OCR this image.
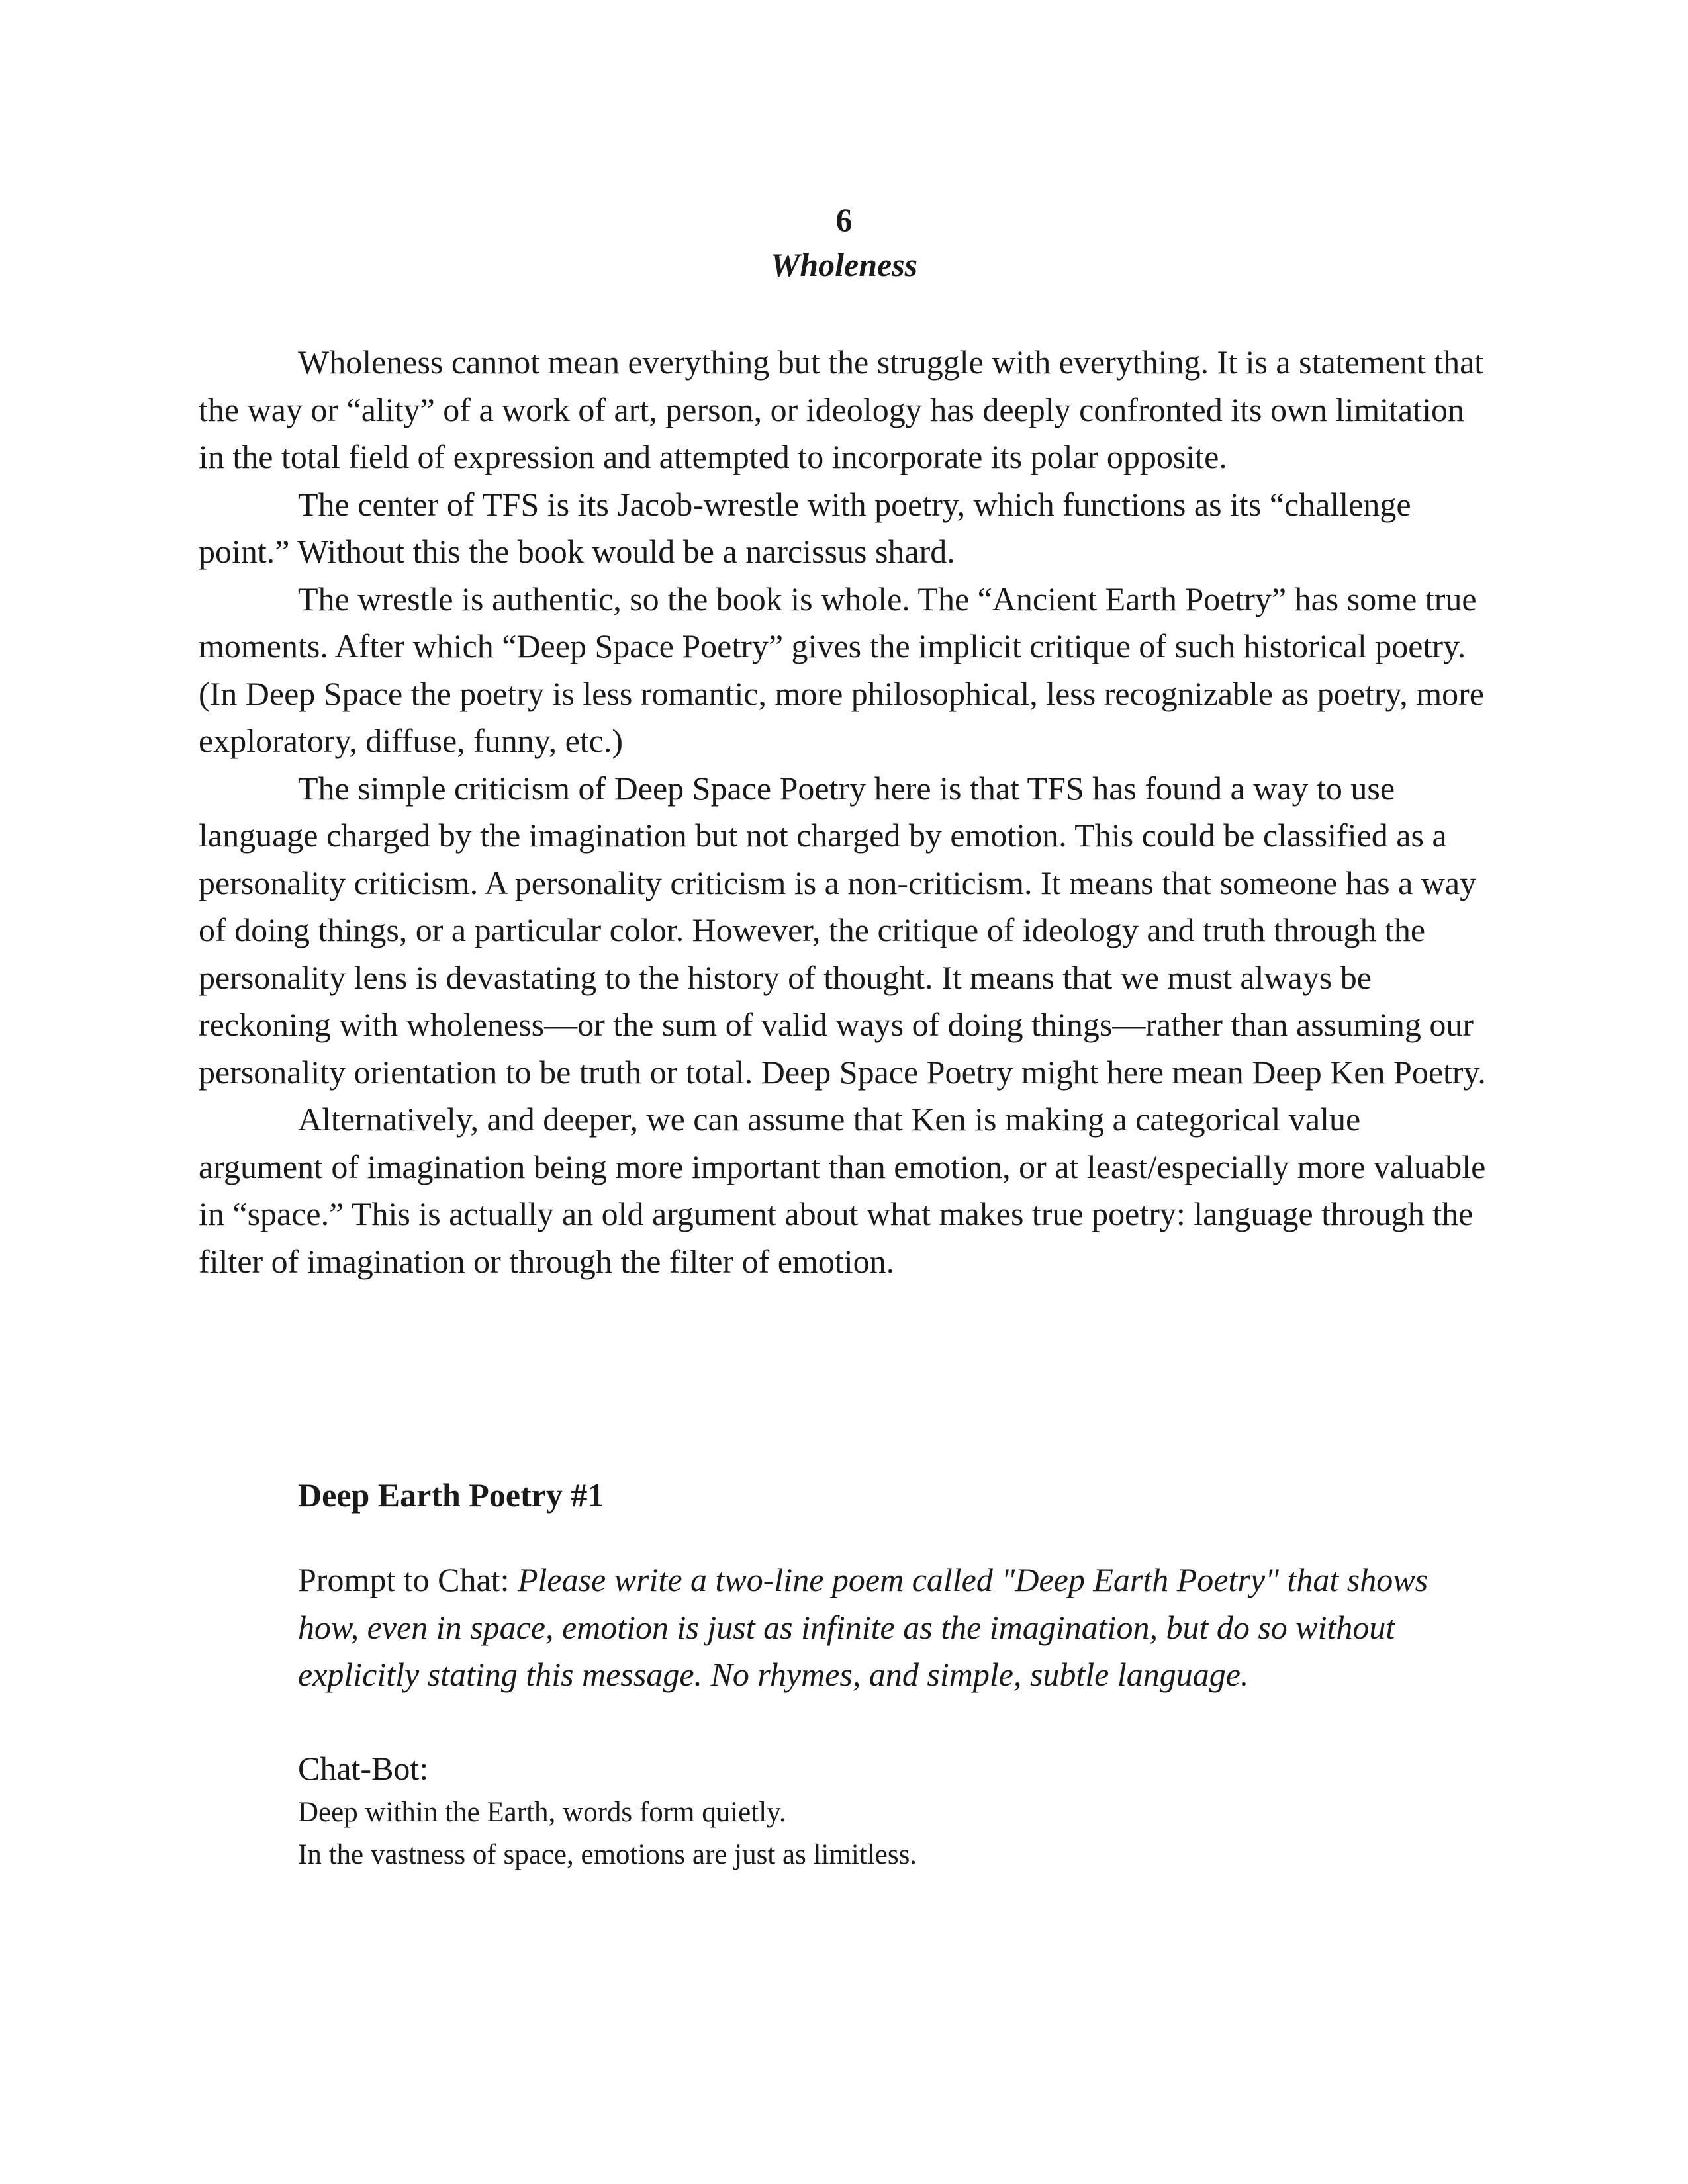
6
Wholeness

Wholeness cannot mean everything but the struggle with everything. It is a statement that the way or “ality” of a work of art, person, or ideology has deeply confronted its own limitation in the total field of expression and attempted to incorporate its polar opposite.

The center of TFS is its Jacob-wrestle with poetry, which functions as its “challenge point.” Without this the book would be a narcissus shard.

The wrestle is authentic, so the book is whole. The “Ancient Earth Poetry” has some true moments. After which “Deep Space Poetry” gives the implicit critique of such historical poetry. (In Deep Space the poetry is less romantic, more philosophical, less recognizable as poetry, more exploratory, diffuse, funny, etc.)

The simple criticism of Deep Space Poetry here is that TFS has found a way to use language charged by the imagination but not charged by emotion. This could be classified as a personality criticism. A personality criticism is a non-criticism. It means that someone has a way of doing things, or a particular color. However, the critique of ideology and truth through the personality lens is devastating to the history of thought. It means that we must always be reckoning with wholeness—or the sum of valid ways of doing things—rather than assuming our personality orientation to be truth or total. Deep Space Poetry might here mean Deep Ken Poetry.

Alternatively, and deeper, we can assume that Ken is making a categorical value argument of imagination being more important than emotion, or at least/especially more valuable in “space.” This is actually an old argument about what makes true poetry: language through the filter of imagination or through the filter of emotion.

Deep Earth Poetry #1

Prompt to Chat: Please write a two-line poem called "Deep Earth Poetry" that shows how, even in space, emotion is just as infinite as the imagination, but do so without explicitly stating this message. No rhymes, and simple, subtle language.

Chat-Bot:

Deep within the Earth, words form quietly.
In the vastness of space, emotions are just as limitless.
